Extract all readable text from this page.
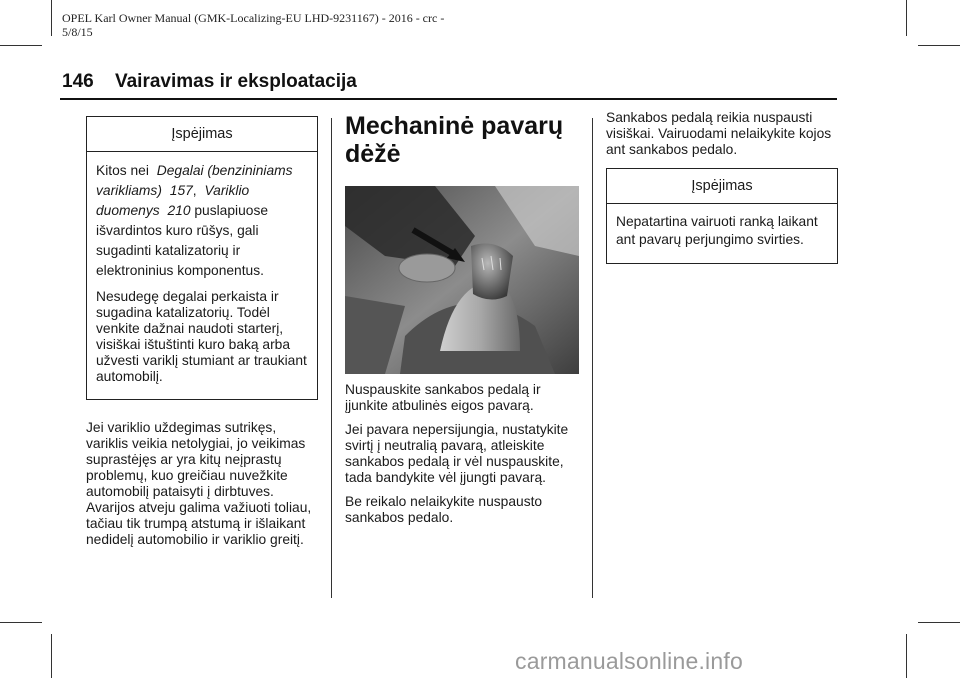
OPEL Karl Owner Manual (GMK-Localizing-EU LHD-9231167) - 2016 - crc -
5/8/15
146 Vairavimas ir eksploatacija
Įspėjimas

Kitos nei Degalai (benzininiams varikliams) 157, Variklio duomenys 210 puslapiuose išvardintos kuro rūšys, gali sugadinti katalizatorių ir elektroninius komponentus.

Nesudegę degalai perkaista ir sugadina katalizatorių. Todėl venkite dažnai naudoti starterį, visiškai ištuštinti kuro baką arba užvesti variklį stumiant ar traukiant automobilį.

Jei variklio uždegimas sutrikęs, variklis veikia netolygiai, jo veikimas suprastėjęs ar yra kitų neįprastų problemų, kuo greičiau nuvežkite automobilį pataisyti į dirbtuves. Avarijos atveju galima važiuoti toliau, tačiau tik trumpą atstumą ir išlaikant nedidelį automobilio ir variklio greitį.

Mechaninė pavarų dėžė

Nuspauskite sankabos pedalą ir įjunkite atbulinės eigos pavarą.

Jei pavara nepersijungia, nustatykite svirtį į neutralią pavarą, atleiskite sankabos pedalą ir vėl nuspauskite, tada bandykite vėl įjungti pavarą.

Be reikalo nelaikykite nuspausto sankabos pedalo.

Sankabos pedalą reikia nuspausti visiškai. Vairuodami nelaikykite kojos ant sankabos pedalo.

Įspėjimas

Nepatartina vairuoti ranką laikant ant pavarų perjungimo svirties.

carmanualsonline.info
